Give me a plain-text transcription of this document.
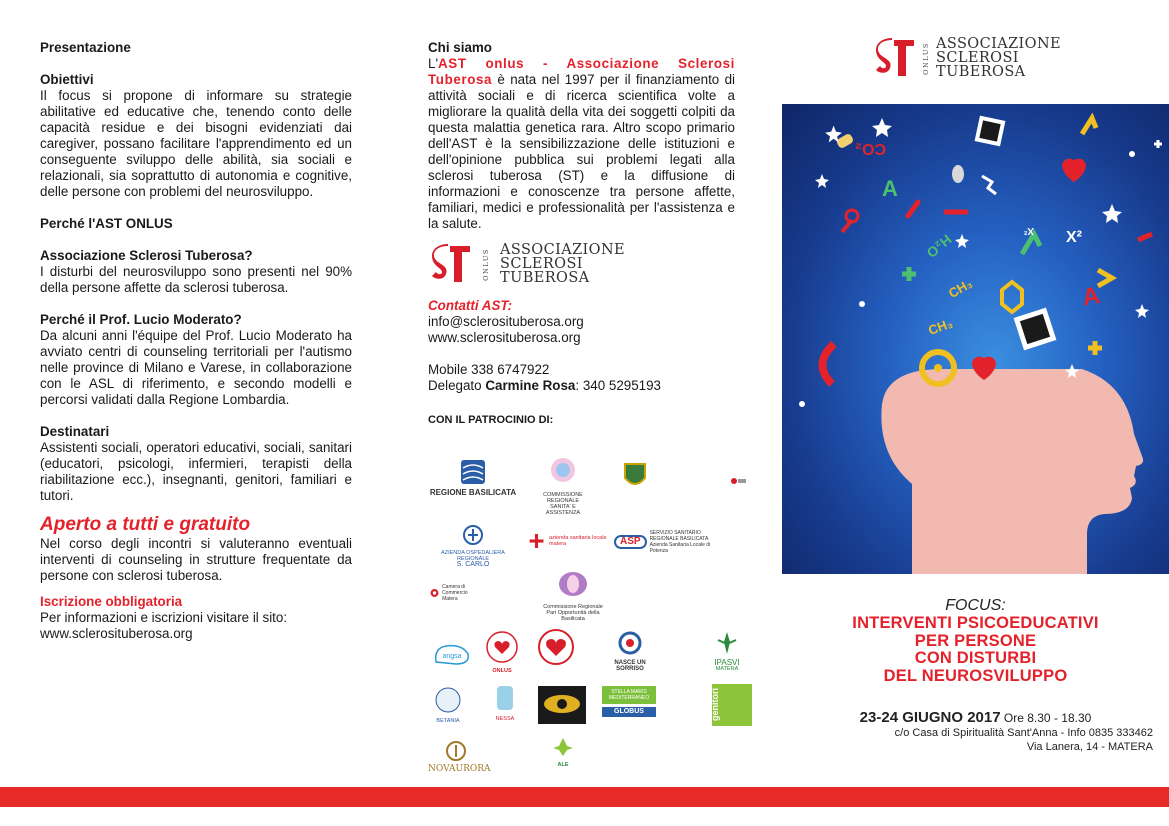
Presentazione
Obiettivi

Il focus si propone di informare su strategie abilitative ed educative che, tenendo conto delle capacità residue e dei bisogni evidenziati dai caregiver, possano facilitare l'apprendimento ed un conseguente sviluppo delle abilità, sia sociali e relazionali, sia soprattutto di autonomia e cognitive, delle persone con problemi del neurosviluppo.

Perché l'AST ONLUS
Associazione Sclerosi Tuberosa?

I disturbi del neurosviluppo sono presenti nel 90% della persone affette da sclerosi tuberosa.

Perché il Prof. Lucio Moderato?

Da alcuni anni l'équipe del Prof. Lucio Moderato ha avviato centri di counseling territoriali per l'autismo nelle province di Milano e Varese, in collaborazione con le ASL di riferimento, e secondo modelli e percorsi validati dalla Regione Lombardia.

Destinatari

Assistenti sociali, operatori educativi, sociali, sanitari (educatori, psicologi, infermieri, terapisti della riabilitazione ecc.), insegnanti, genitori, familiari e tutori.

Aperto a tutti e gratuito

Nel corso degli incontri si valuteranno eventuali interventi di counseling in strutture frequentate da persone con sclerosi tuberosa.

Iscrizione obbligatoria

Per informazioni e iscrizioni visitare il sito:

www.sclerosituberosa.org
Chi siamo

L'AST onlus - Associazione Sclerosi Tuberosa è nata nel 1997 per il finanziamento di attività sociali e di ricerca scientifica volte a migliorare la qualità della vita dei soggetti colpiti da questa malattia genetica rara. Altro scopo primario dell'AST è la sensibilizzazione delle istituzioni e dell'opinione pubblica sui problemi legati alla sclerosi tuberosa (ST) e la diffusione di informazioni e conoscenze tra persone affette, familiari, medici e professionalità per l'assistenza e la salute.

ONLUS ASSOCIAZIONE
SCLEROSI
TUBEROSA
Contatti AST:
info@sclerosituberosa.org
www.sclerosituberosa.org
Mobile 338 6747922
Delegato Carmine Rosa: 340 5295193
CON IL PATROCINIO DI:
REGIONE BASILICATA	COMMISSIONE REGIONALE SANITA' E ASSISTENZA
AZIENDA OSPEDALIERA REGIONALE
S. CARLO
azienda sanitaria locale matera	ASP
SERVIZIO SANITARIO REGIONALE BASILICATA
Azienda Sanitaria Locale di Potenza
Camera di Commercio Matera
Commissione Regionale Pari Opportunità della Basilicata
angsa
ONLUS
NASCE UN SORRISO
IPASVI
MATERA
BETANIA	NESSA
STELLA MARIS MEDITERRANEO
GLOBUS	genitori
NOVAURORA	ALE
ONLUS ASSOCIAZIONE
SCLEROSI
TUBEROSA
CO₂
H₂O
CH₃
CH₃
A
A
X²
X²
FOCUS:
INTERVENTI PSICOEDUCATIVI
PER PERSONE
CON DISTURBI
DEL NEUROSVILUPPO
23-24 GIUGNO 2017 Ore 8.30 - 18.30
c/o Casa di Spiritualità Sant'Anna - Info 0835 333462
Via Lanera, 14 - MATERA
